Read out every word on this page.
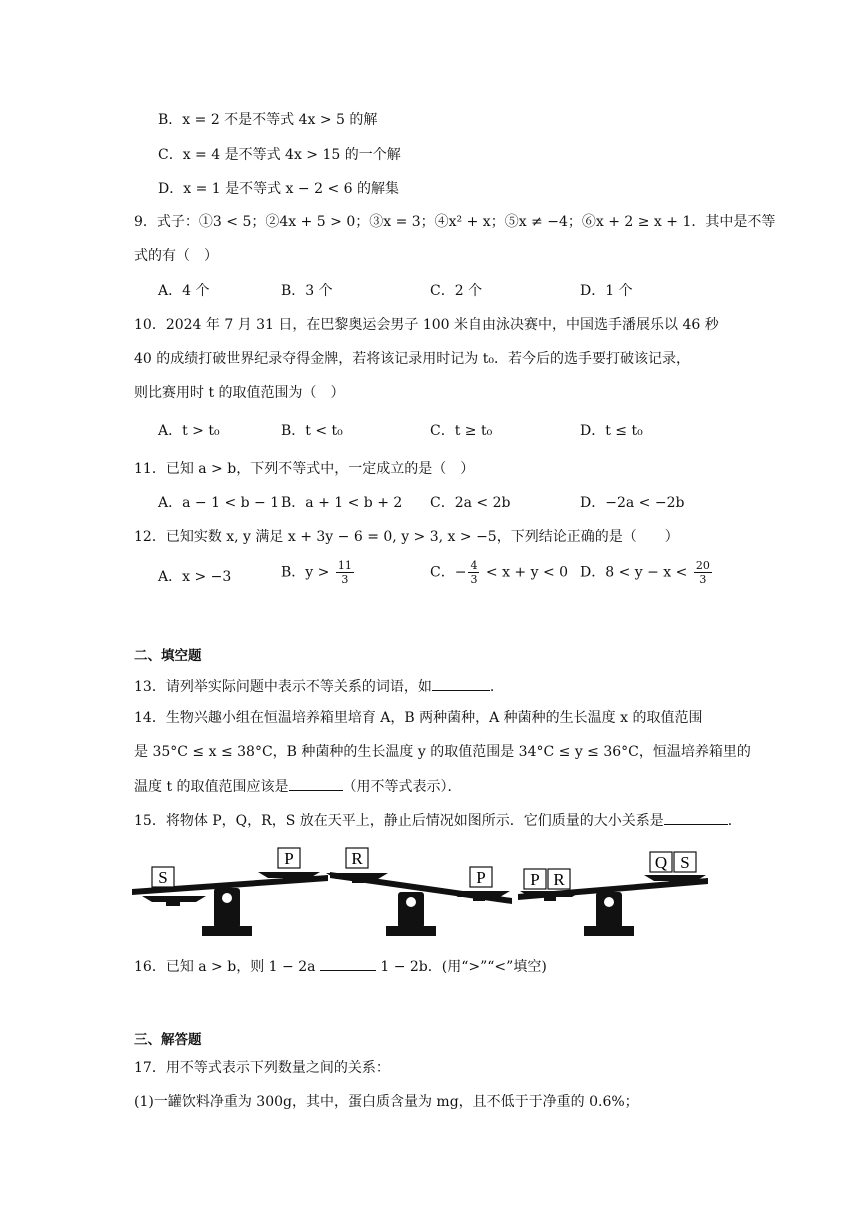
B．x = 2 不是不等式 4x > 5 的解
C．x = 4 是不等式 4x > 15 的一个解
D．x = 1 是不等式 x − 2 < 6 的解集
9．式子：①3 < 5；②4x + 5 > 0；③x = 3；④x² + x；⑤x ≠ −4；⑥x + 2 ≥ x + 1．其中是不等
式的有（　）
A．4 个	B．3 个	C．2 个	D．1 个
10．2024 年 7 月 31 日，在巴黎奥运会男子 100 米自由泳决赛中，中国选手潘展乐以 46 秒
40 的成绩打破世界纪录夺得金牌，若将该记录用时记为 t₀．若今后的选手要打破该记录，
则比赛用时 t 的取值范围为（　）
A．t > t₀	B．t < t₀	C．t ≥ t₀	D．t ≤ t₀
11．已知 a > b，下列不等式中，一定成立的是（　）
A．a − 1 < b − 1 B．a + 1 < b + 2 C．2a < 2b	D．−2a < −2b
12．已知实数 x, y 满足 x + 3y − 6 = 0, y > 3, x > −5，下列结论正确的是（　　）
A．x > −3	B．$y > \frac{11}{3}$	C．− $\frac{4}{3} < x + y < 0$ D．$8 < y - x < \frac{20}{3}$
二、填空题
13．请列举实际问题中表示不等关系的词语，如	．
14．生物兴趣小组在恒温培养箱里培育 A，B 两种菌种，A 种菌种的生长温度 x 的取值范围
是 35°C ≤ x ≤ 38°C，B 种菌种的生长温度 y 的取值范围是 34°C ≤ y ≤ 36°C，恒温培养箱里的
温度 t 的取值范围应该是	（用不等式表示）．
15．将物体 P，Q，R，S 放在天平上，静止后情况如图所示．它们质量的大小关系是	．
S
P	R
P	P R
Q S
16．已知 a > b，则 1 − 2a	1 − 2b．(用“>”“<”填空)
三、解答题
17．用不等式表示下列数量之间的关系：
(1)一罐饮料净重为 300g，其中，蛋白质含量为 mg，且不低于于净重的 0.6%；
